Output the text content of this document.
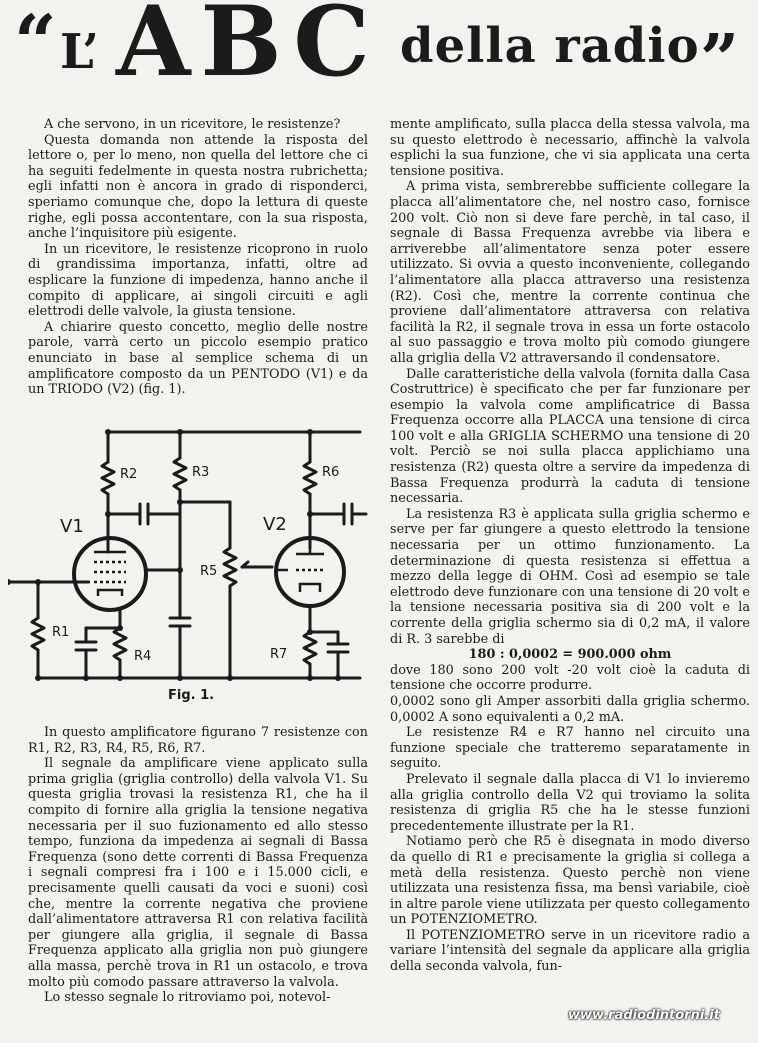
“ L’ ABC della radio ”

A che servono, in un ricevitore, le resistenze?

Questa domanda non attende la risposta del lettore o, per lo meno, non quella del lettore che ci ha seguiti fedelmente in questa nostra rubrichetta; egli infatti non è ancora in grado di risponderci, speriamo comunque che, dopo la lettura di queste righe, egli possa accontentare, con la sua risposta, anche l’inquisitore più esigente.

In un ricevitore, le resistenze ricoprono in ruolo di grandissima importanza, infatti, oltre ad esplicare la funzione di impedenza, hanno anche il compito di applicare, ai singoli circuiti e agli elettrodi delle valvole, la giusta tensione.

A chiarire questo concetto, meglio delle nostre parole, varrà certo un piccolo esempio pratico enunciato in base al semplice schema di un amplificatore composto da un PENTODO (V1) e da un TRIODO (V2) (fig. 1).

V1	V2
R2	R3	R6
R5
R1
R4	R7
Fig. 1.

In questo amplificatore figurano 7 resistenze con R1, R2, R3, R4, R5, R6, R7.

Il segnale da amplificare viene applicato sulla prima griglia (griglia controllo) della valvola V1. Su questa griglia trovasi la resistenza R1, che ha il compito di fornire alla griglia la tensione negativa necessaria per il suo fuzionamento ed allo stesso tempo, funziona da impedenza ai segnali di Bassa Frequenza (sono dette correnti di Bassa Frequenza i segnali compresi fra i 100 e i 15.000 cicli, e precisamente quelli causati da voci e suoni) così che, mentre la corrente negativa che proviene dall’alimentatore attraversa R1 con relativa facilità per giungere alla griglia, il segnale di Bassa Frequenza applicato alla griglia non può giungere alla massa, perchè trova in R1 un ostacolo, e trova molto più comodo passare attraverso la valvola.

Lo stesso segnale lo ritroviamo poi, notevol-

mente amplificato, sulla placca della stessa valvola, ma su questo elettrodo è necessario, affinchè la valvola esplichi la sua funzione, che vi sia applicata una certa tensione positiva.

A prima vista, sembrerebbe sufficiente collegare la placca all’alimentatore che, nel nostro caso, fornisce 200 volt. Ciò non si deve fare perchè, in tal caso, il segnale di Bassa Frequenza avrebbe via libera e arriverebbe all’alimentatore senza poter essere utilizzato. Si ovvia a questo inconveniente, collegando l’alimentatore alla placca attraverso una resistenza (R2). Così che, mentre la corrente continua che proviene dall’alimentatore attraversa con relativa facilità la R2, il segnale trova in essa un forte ostacolo al suo passaggio e trova molto più comodo giungere alla griglia della V2 attraversando il condensatore.

Dalle caratteristiche della valvola (fornita dalla Casa Costruttrice) è specificato che per far funzionare per esempio la valvola come amplificatrice di Bassa Frequenza occorre alla PLACCA una tensione di circa 100 volt e alla GRIGLIA SCHERMO una tensione di 20 volt. Perciò se noi sulla placca applichiamo una resistenza (R2) questa oltre a servire da impedenza di Bassa Frequenza produrrà la caduta di tensione necessaria.

La resistenza R3 è applicata sulla griglia schermo e serve per far giungere a questo elettrodo la tensione necessaria per un ottimo funzionamento. La determinazione di questa resistenza si effettua a mezzo della legge di OHM. Così ad esempio se tale elettrodo deve funzionare con una tensione di 20 volt e la tensione necessaria positiva sia di 200 volt e la corrente della griglia schermo sia di 0,2 mA, il valore di R. 3 sarebbe di

180 : 0,0002 = 900.000 ohm

dove 180 sono 200 volt -20 volt cioè la caduta di tensione che occorre produrre.

0,0002 sono gli Amper assorbiti dalla griglia schermo. 0,0002 A sono equivalenti a 0,2 mA.

Le resistenze R4 e R7 hanno nel circuito una funzione speciale che tratteremo separatamente in seguito.

Prelevato il segnale dalla placca di V1 lo invieremo alla griglia controllo della V2 qui troviamo la solita resistenza di griglia R5 che ha le stesse funzioni precedentemente illustrate per la R1.

Notiamo però che R5 è disegnata in modo diverso da quello di R1 e precisamente la griglia si collega a metà della resistenza. Questo perchè non viene utilizzata una resistenza fissa, ma bensì variabile, cioè in altre parole viene utilizzata per questo collegamento un POTENZIOMETRO.

Il POTENZIOMETRO serve in un ricevitore radio a variare l’intensità del segnale da applicare alla griglia della seconda valvola, fun-

www.radiodintorni.it
